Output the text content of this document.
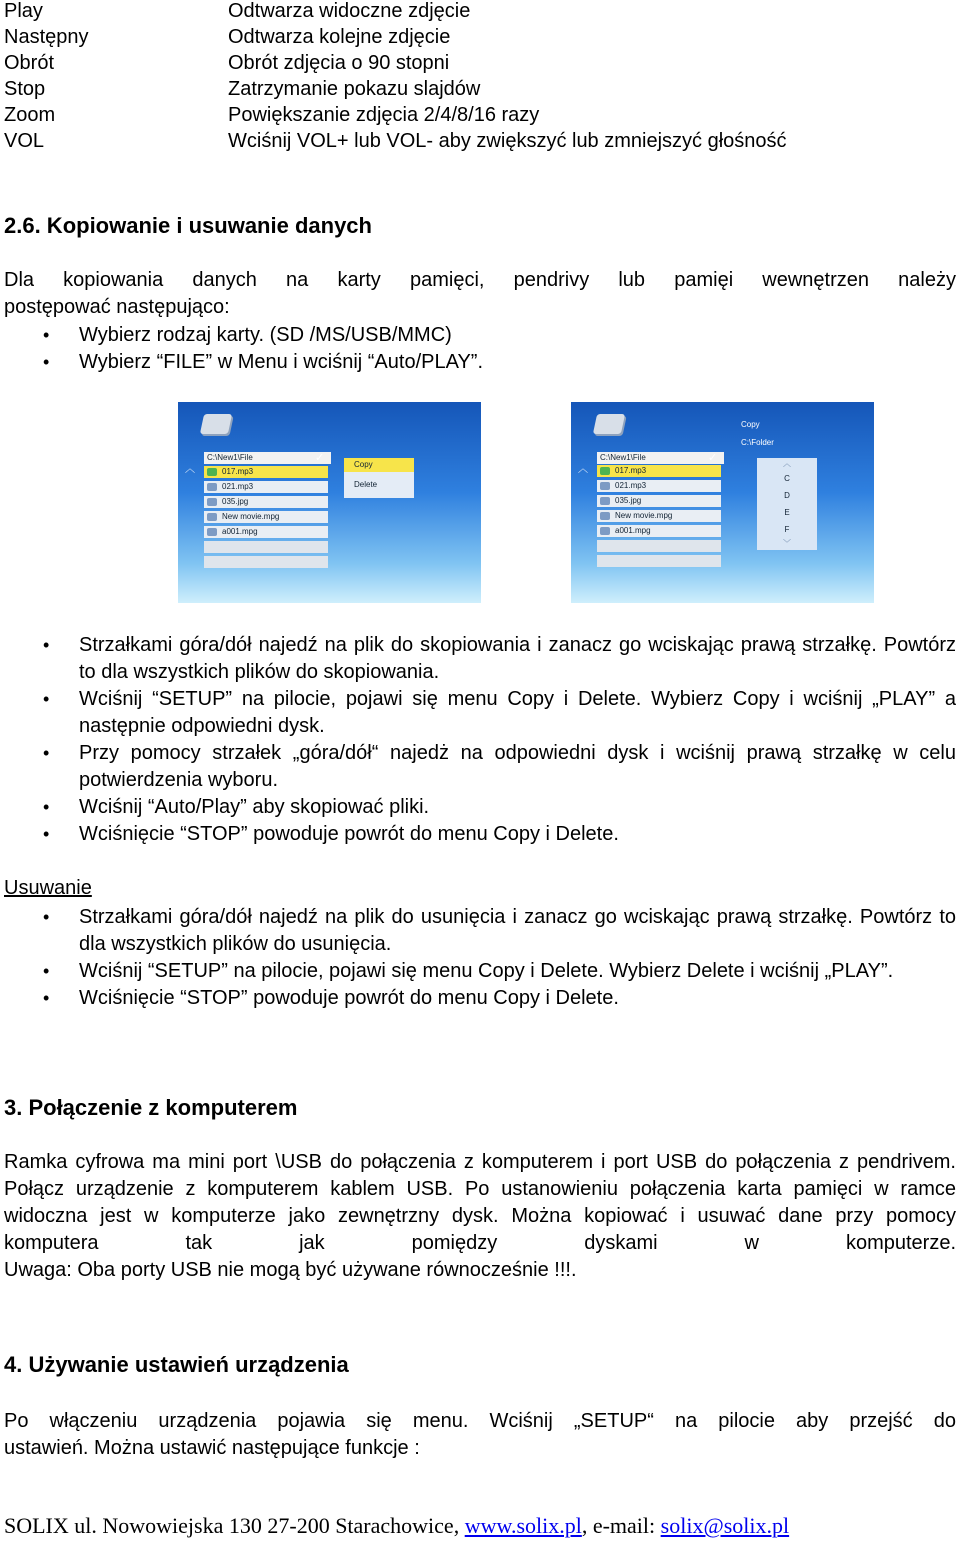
Play	Odtwarza widoczne zdjęcie
Następny	Odtwarza kolejne zdjęcie
Obrót	Obrót zdjęcia o 90 stopni
Stop	Zatrzymanie pokazu slajdów
Zoom	Powiększanie zdjęcia 2/4/8/16 razy
VOL	Wciśnij VOL+ lub VOL- aby zwiększyć lub zmniejszyć głośność
2.6. Kopiowanie i usuwanie danych

Dla kopiowania danych na karty pamięci, pendrivy lub pamięi wewnętrzen należy

postępować następująco:

• Wybierz rodzaj karty. (SD /MS/USB/MMC)
• Wybierz “FILE” w Menu i wciśnij “Auto/PLAY”.
︿
C:\New1\File	✓
017.mp3
021.mp3
035.jpg
New movie.mpg
a001.mpg
Copy
Delete
Copy
C:\Folder
︿
C:\New1\File	✓
017.mp3
021.mp3
035.jpg
New movie.mpg
a001.mpg
︿
C
D
E
F
﹀
• Strzałkami góra/dół najedź na plik do skopiowania i zanacz go wciskając prawą strzałkę. Powtórz to dla wszystkich plików do skopiowania.
• Wciśnij “SETUP” na pilocie, pojawi się menu Copy i Delete. Wybierz Copy i wciśnij „PLAY” a następnie odpowiedni dysk.
• Przy pomocy strzałek „góra/dół“ najedż na odpowiedni dysk i wciśnij prawą strzałkę w celu potwierdzenia wyboru.
• Wciśnij “Auto/Play” aby skopiować pliki.
• Wciśnięcie “STOP” powoduje powrót do menu Copy i Delete.
Usuwanie
• Strzałkami góra/dół najedź na plik do usunięcia i zanacz go wciskając prawą strzałkę. Powtórz to dla wszystkich plików do usunięcia.
• Wciśnij “SETUP” na pilocie, pojawi się menu Copy i Delete. Wybierz Delete i wciśnij „PLAY”.
• Wciśnięcie “STOP” powoduje powrót do menu Copy i Delete.
3. Połączenie z komputerem

Ramka cyfrowa ma mini port \USB do połączenia z komputerem i port USB do połączenia z pendrivem. Połącz urządzenie z komputerem kablem USB. Po ustanowieniu połączenia karta pamięci w ramce widoczna jest w komputerze jako zewnętrzny dysk. Można kopiować i usuwać dane przy pomocy komputera tak jak pomiędzy dyskami w komputerze.

Uwaga: Oba porty USB nie mogą być używane równocześnie !!!.

4. Używanie ustawień urządzenia

Po włączeniu urządzenia pojawia się menu. Wciśnij „SETUP“ na pilocie aby przejść do

ustawień. Można ustawić następujące funkcje :

SOLIX ul. Nowowiejska 130 27-200 Starachowice, www.solix.pl, e-mail: solix@solix.pl
